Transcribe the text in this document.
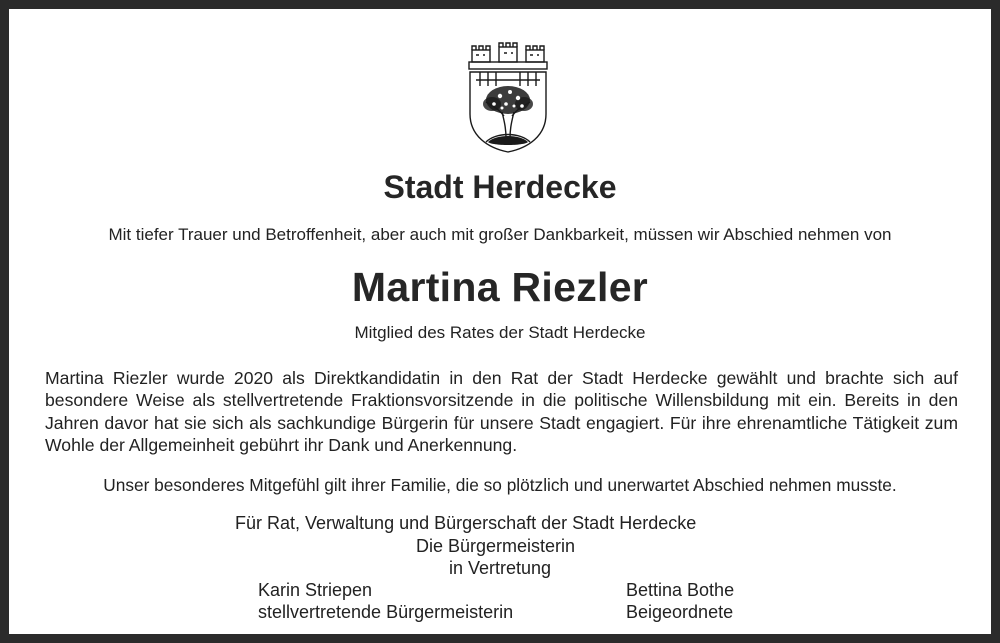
Stadt Herdecke
Mit tiefer Trauer und Betroffenheit, aber auch mit großer Dankbarkeit, müssen wir Abschied nehmen von
Martina Riezler
Mitglied des Rates der Stadt Herdecke
Martina Riezler wurde 2020 als Direktkandidatin in den Rat der Stadt Herdecke gewählt und brachte sich auf besondere Weise als stellvertretende Fraktionsvorsitzende in die politische Willensbildung mit ein. Bereits in den Jahren davor hat sie sich als sachkundige Bürgerin für unsere Stadt engagiert. Für ihre ehrenamtliche Tätigkeit zum Wohle der Allgemeinheit gebührt ihr Dank und Anerkennung.
Unser besonderes Mitgefühl gilt ihrer Familie, die so plötzlich und unerwartet Abschied nehmen musste.
Für Rat, Verwaltung und Bürgerschaft der Stadt Herdecke
Die Bürgermeisterin
in Vertretung
Karin Striepen
stellvertretende Bürgermeisterin
Bettina Bothe
Beigeordnete
